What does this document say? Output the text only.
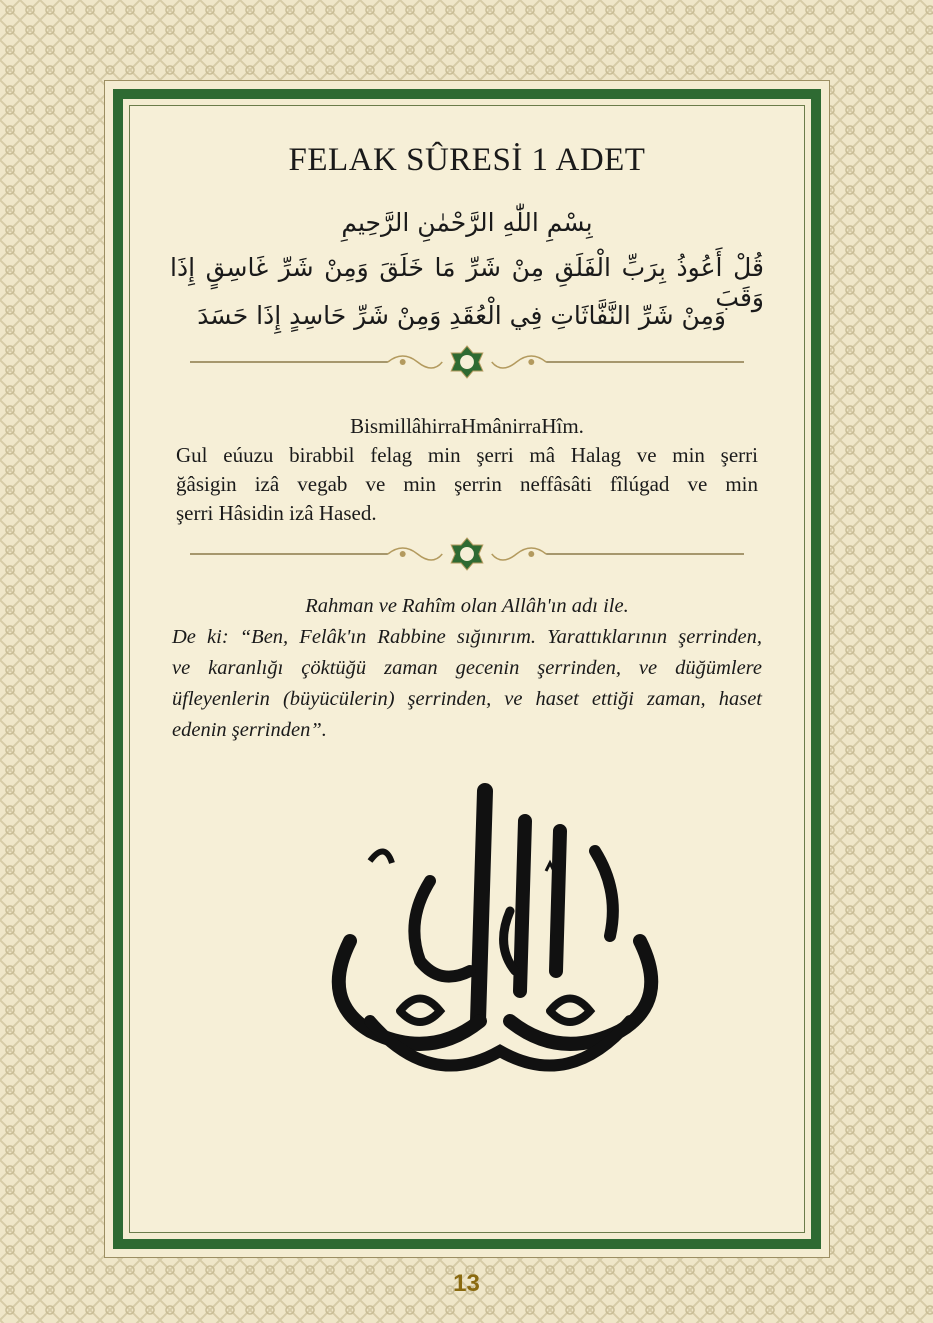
FELAK SÛRESİ 1 ADET
بِسْمِ اللّٰهِ الرَّحْمٰنِ الرَّحِيمِ
قُلْ أَعُوذُ بِرَبِّ الْفَلَقِ مِنْ شَرِّ مَا خَلَقَ وَمِنْ شَرِّ غَاسِقٍ إِذَا وَقَبَ
وَمِنْ شَرِّ النَّفَّاثَاتِ فِي الْعُقَدِ وَمِنْ شَرِّ حَاسِدٍ إِذَا حَسَدَ
BismillâhirraHmânirraHîm.
Gul eúuzu birabbil felag min şerri mâ Halag ve min şerri
ğâsigin izâ vegab ve min şerrin neffâsâti fîlúgad ve min
şerri Hâsidin izâ Hased.
Rahman ve Rahîm olan Allâh'ın adı ile.
De ki: “Ben, Felâk'ın Rabbine sığınırım. Yarattıklarının şerrinden,
ve karanlığı çöktüğü zaman gecenin şerrinden, ve düğümlere
üfleyenlerin (büyücülerin) şerrinden, ve haset ettiği zaman, haset
edenin şerrinden”.
13
